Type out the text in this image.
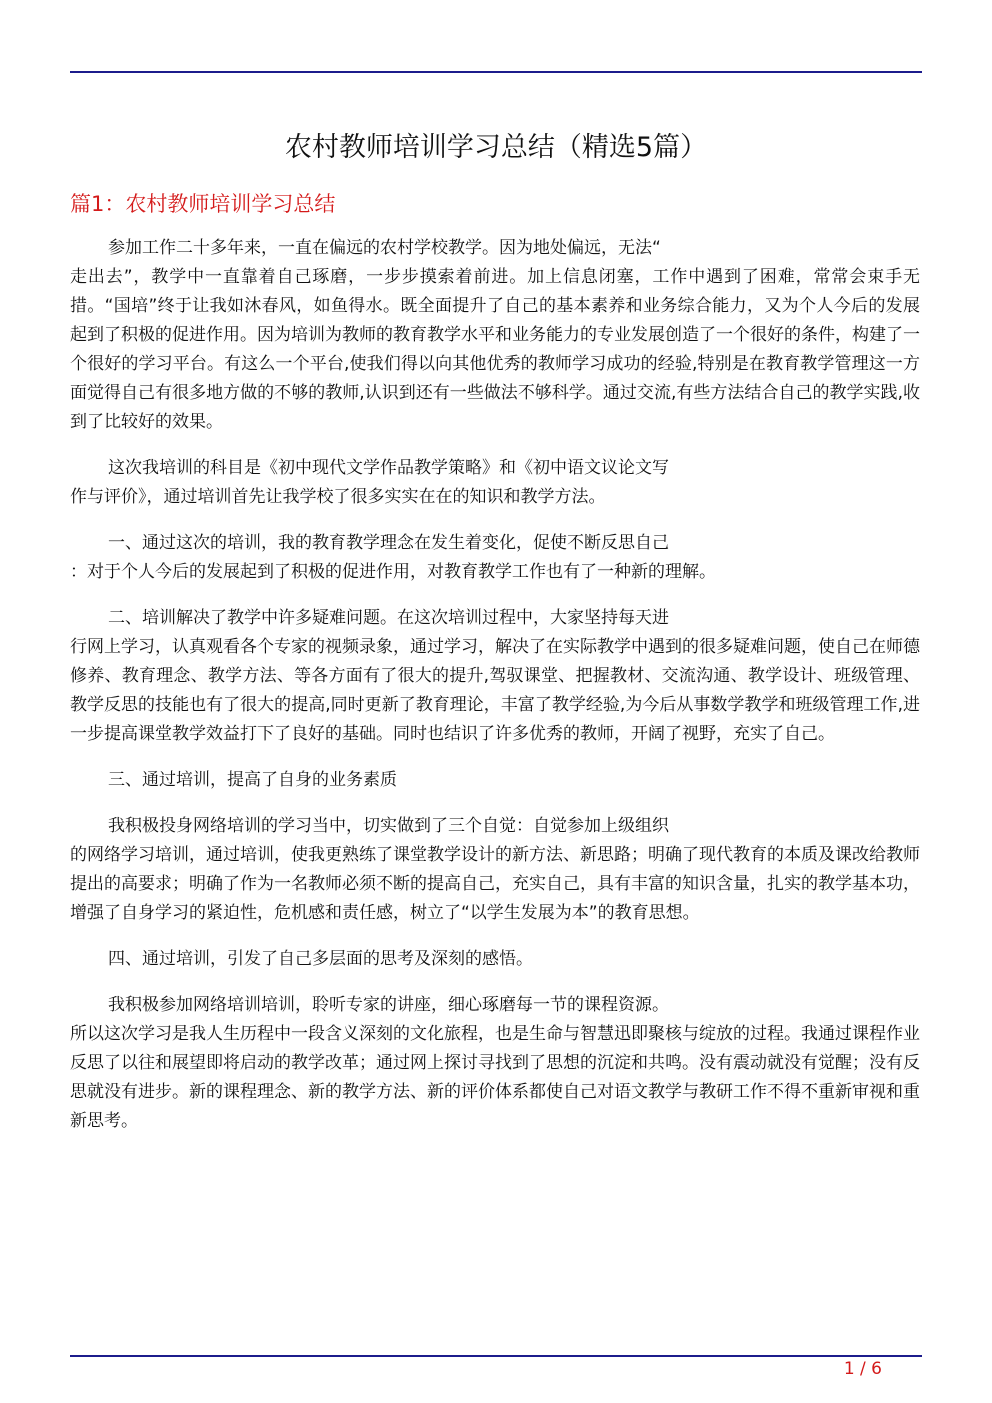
农村教师培训学习总结（精选5篇）
篇1：农村教师培训学习总结

参加工作二十多年来，一直在偏远的农村学校教学。因为地处偏远，无法“
走出去”，教学中一直靠着自己琢磨，一步步摸索着前进。加上信息闭塞，工作中遇到了困难，常常会束手无措。“国培”终于让我如沐春风，如鱼得水。既全面提升了自己的基本素养和业务综合能力，又为个人今后的发展起到了积极的促进作用。因为培训为教师的教育教学水平和业务能力的专业发展创造了一个很好的条件，构建了一个很好的学习平台。有这么一个平台,使我们得以向其他优秀的教师学习成功的经验,特别是在教育教学管理这一方面觉得自己有很多地方做的不够的教师,认识到还有一些做法不够科学。通过交流,有些方法结合自己的教学实践,收到了比较好的效果。

这次我培训的科目是《初中现代文学作品教学策略》和《初中语文议论文写
作与评价》，通过培训首先让我学校了很多实实在在的知识和教学方法。

一、通过这次的培训，我的教育教学理念在发生着变化，促使不断反思自己
：对于个人今后的发展起到了积极的促进作用，对教育教学工作也有了一种新的理解。

二、培训解决了教学中许多疑难问题。在这次培训过程中，大家坚持每天进
行网上学习，认真观看各个专家的视频录象，通过学习，解决了在实际教学中遇到的很多疑难问题，使自己在师德修养、教育理念、教学方法、等各方面有了很大的提升,驾驭课堂、把握教材、交流沟通、教学设计、班级管理、教学反思的技能也有了很大的提高,同时更新了教育理论，丰富了教学经验,为今后从事数学教学和班级管理工作,进一步提高课堂教学效益打下了良好的基础。同时也结识了许多优秀的教师，开阔了视野，充实了自己。

三、通过培训，提高了自身的业务素质

我积极投身网络培训的学习当中，切实做到了三个自觉：自觉参加上级组织
的网络学习培训，通过培训，使我更熟练了课堂教学设计的新方法、新思路；明确了现代教育的本质及课改给教师提出的高要求；明确了作为一名教师必须不断的提高自己，充实自己，具有丰富的知识含量，扎实的教学基本功，增强了自身学习的紧迫性，危机感和责任感，树立了“以学生发展为本”的教育思想。

四、通过培训，引发了自己多层面的思考及深刻的感悟。

我积极参加网络培训培训，聆听专家的讲座，细心琢磨每一节的课程资源。
所以这次学习是我人生历程中一段含义深刻的文化旅程，也是生命与智慧迅即聚核与绽放的过程。我通过课程作业反思了以往和展望即将启动的教学改革；通过网上探讨寻找到了思想的沉淀和共鸣。没有震动就没有觉醒；没有反思就没有进步。新的课程理念、新的教学方法、新的评价体系都使自己对语文教学与教研工作不得不重新审视和重新思考。

1 / 6
